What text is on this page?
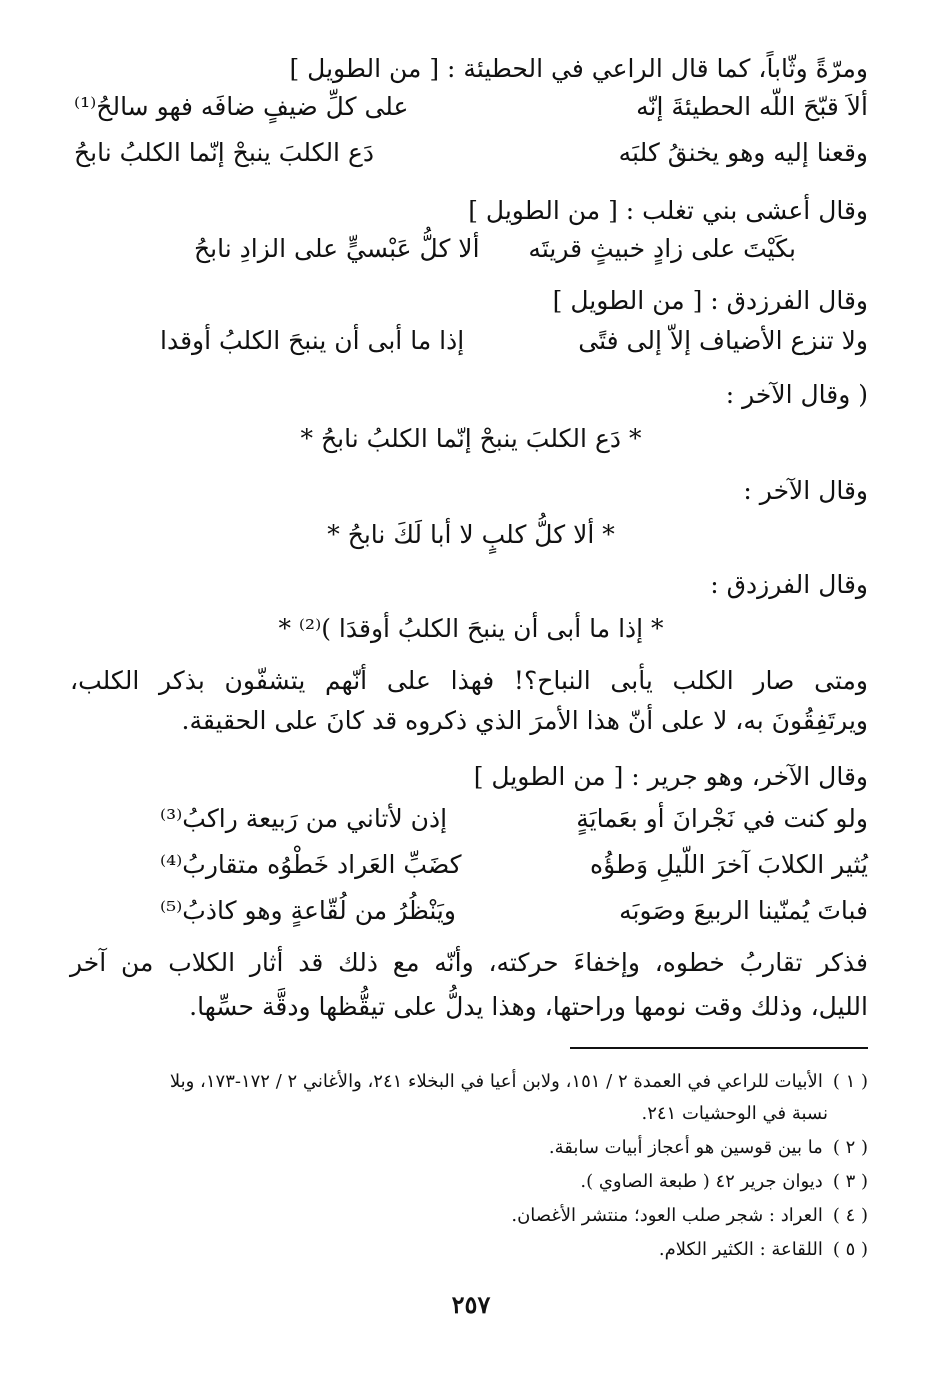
ومرّةً وثّاباً، كما قال الراعي في الحطيئة : [ من الطويل ]
ألاَ قبّحَ اللّه الحطيئةَ إنّه
على كلِّ ضيفٍ ضافَه فهو سالحُ⁽¹⁾
وقعنا إليه وهو يخنقُ كلبَه
دَع الكلبَ ينبحْ إنّما الكلبُ نابحُ
وقال أعشى بني تغلب : [ من الطويل ]
بكَيْتَ على زادٍ خبيثٍ قريتَه
ألا كلُّ عَبْسيٍّ على الزادِ نابحُ
وقال الفرزدق : [ من الطويل ]
ولا تنزع الأضياف إلاّ إلى فتًى
إذا ما أبى أن ينبحَ الكلبُ أوقدا
( وقال الآخر :
* دَع الكلبَ ينبحْ إنّما الكلبُ نابحُ *
وقال الآخر :
* ألا كلُّ كلبٍ لا أبا لَكَ نابحُ *
وقال الفرزدق :
* إذا ما أبى أن ينبحَ الكلبُ أوقدَا )⁽²⁾ *
ومتى صار الكلب يأبى النباح؟! فهذا على أنّهم يتشفّون بذكر الكلب،
ويرتَفِقُونَ به، لا على أنّ هذا الأمرَ الذي ذكروه قد كانَ على الحقيقة.
وقال الآخر، وهو جرير : [ من الطويل ]
ولو كنت في نَجْرانَ أو بعَمايَةٍ
إذن لأتاني من رَبيعة راكبُ⁽³⁾
يُثير الكلابَ آخرَ اللّيلِ وَطؤُه
كضَبِّ العَراد خَطْوُه متقاربُ⁽⁴⁾
فباتَ يُمنّينا الربيعَ وصَوبَه
ويَنْظُرُ من لُقّاعةٍ وهو كاذبُ⁽⁵⁾
فذكر تقاربُ خطوه، وإخفاءَ حركته، وأنّه مع ذلك قد أثار الكلاب من آخر
الليل، وذلك وقت نومها وراحتها، وهذا يدلُّ على تيقُّظها ودقَّة حسِّها.
( ١ )الأبيات للراعي في العمدة ٢ / ١٥١، ولابن أعيا في البخلاء ٢٤١، والأغاني ٢ / ١٧٢-١٧٣، وبلا
نسبة في الوحشيات ٢٤١.
( ٢ )ما بين قوسين هو أعجاز أبيات سابقة.
( ٣ )ديوان جرير ٤٢ ( طبعة الصاوي ).
( ٤ )العراد : شجر صلب العود؛ منتشر الأغصان.
( ٥ )اللقاعة : الكثير الكلام.
٢٥٧
